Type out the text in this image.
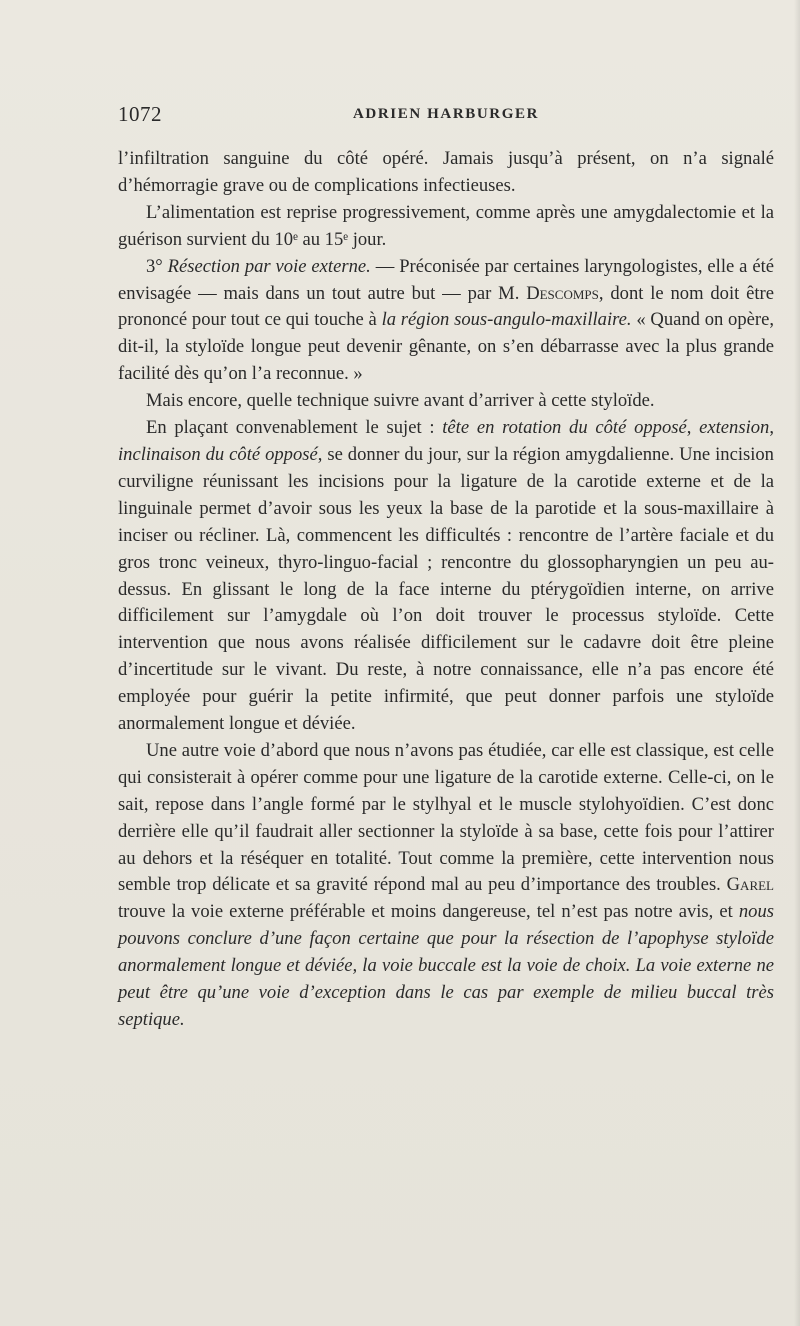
1072	ADRIEN HARBURGER

l’infiltration sanguine du côté opéré. Jamais jusqu’à présent, on n’a signalé d’hémorragie grave ou de complications infectieuses.

L’alimentation est reprise progressivement, comme après une amygdalectomie et la guérison survient du 10ᵉ au 15ᵉ jour.

3° Résection par voie externe. — Préconisée par certaines laryngologistes, elle a été envisagée — mais dans un tout autre but — par M. Descomps, dont le nom doit être prononcé pour tout ce qui touche à la région sous-angulo-maxillaire. « Quand on opère, dit-il, la styloïde longue peut devenir gênante, on s’en débarrasse avec la plus grande facilité dès qu’on l’a reconnue. »

Mais encore, quelle technique suivre avant d’arriver à cette styloïde.

En plaçant convenablement le sujet : tête en rotation du côté opposé, extension, inclinaison du côté opposé, se donner du jour, sur la région amygdalienne. Une incision curviligne réunissant les incisions pour la ligature de la carotide externe et de la linguinale permet d’avoir sous les yeux la base de la parotide et la sous-maxillaire à inciser ou récliner. Là, commencent les difficultés : rencontre de l’artère faciale et du gros tronc veineux, thyro-linguo-facial ; rencontre du glossopharyngien un peu au-dessus. En glissant le long de la face interne du ptérygoïdien interne, on arrive difficilement sur l’amygdale où l’on doit trouver le processus styloïde. Cette intervention que nous avons réalisée difficilement sur le cadavre doit être pleine d’incertitude sur le vivant. Du reste, à notre connaissance, elle n’a pas encore été employée pour guérir la petite infirmité, que peut donner parfois une styloïde anormalement longue et déviée.

Une autre voie d’abord que nous n’avons pas étudiée, car elle est classique, est celle qui consisterait à opérer comme pour une ligature de la carotide externe. Celle-ci, on le sait, repose dans l’angle formé par le stylhyal et le muscle stylohyoïdien. C’est donc derrière elle qu’il faudrait aller sectionner la styloïde à sa base, cette fois pour l’attirer au dehors et la réséquer en totalité. Tout comme la première, cette intervention nous semble trop délicate et sa gravité répond mal au peu d’importance des troubles. Garel trouve la voie externe préférable et moins dangereuse, tel n’est pas notre avis, et nous pouvons conclure d’une façon certaine que pour la résection de l’apophyse styloïde anormalement longue et déviée, la voie buccale est la voie de choix. La voie externe ne peut être qu’une voie d’exception dans le cas par exemple de milieu buccal très septique.
